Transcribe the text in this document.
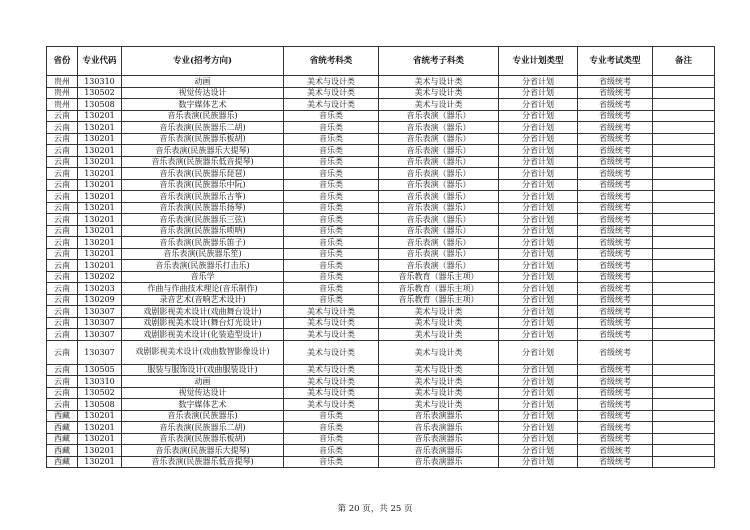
省份	专业代码	专业(招考方向)	省统考科类	省统考子科类	专业计划类型	专业考试类型	备注
贵州	130310	动画	美术与设计类	美术与设计类	分省计划	省级统考	
贵州	130502	视觉传达设计	美术与设计类	美术与设计类	分省计划	省级统考	
贵州	130508	数字媒体艺术	美术与设计类	美术与设计类	分省计划	省级统考	
云南	130201	音乐表演(民族器乐)	音乐类	音乐表演（器乐）	分省计划	省级统考	
云南	130201	音乐表演(民族器乐二胡)	音乐类	音乐表演（器乐）	分省计划	省级统考	
云南	130201	音乐表演(民族器乐板胡)	音乐类	音乐表演（器乐）	分省计划	省级统考	
云南	130201	音乐表演(民族器乐大提琴)	音乐类	音乐表演（器乐）	分省计划	省级统考	
云南	130201	音乐表演(民族器乐低音提琴)	音乐类	音乐表演（器乐）	分省计划	省级统考	
云南	130201	音乐表演(民族器乐琵琶)	音乐类	音乐表演（器乐）	分省计划	省级统考	
云南	130201	音乐表演(民族器乐中阮)	音乐类	音乐表演（器乐）	分省计划	省级统考	
云南	130201	音乐表演(民族器乐古筝)	音乐类	音乐表演（器乐）	分省计划	省级统考	
云南	130201	音乐表演(民族器乐扬琴)	音乐类	音乐表演（器乐）	分省计划	省级统考	
云南	130201	音乐表演(民族器乐三弦)	音乐类	音乐表演（器乐）	分省计划	省级统考	
云南	130201	音乐表演(民族器乐唢呐)	音乐类	音乐表演（器乐）	分省计划	省级统考	
云南	130201	音乐表演(民族器乐笛子)	音乐类	音乐表演（器乐）	分省计划	省级统考	
云南	130201	音乐表演(民族器乐笙)	音乐类	音乐表演（器乐）	分省计划	省级统考	
云南	130201	音乐表演(民族器乐打击乐)	音乐类	音乐表演（器乐）	分省计划	省级统考	
云南	130202	音乐学	音乐类	音乐教育（器乐主项）	分省计划	省级统考	
云南	130203	作曲与作曲技术理论(音乐制作)	音乐类	音乐教育（器乐主项）	分省计划	省级统考	
云南	130209	录音艺术(音响艺术设计)	音乐类	音乐教育（器乐主项）	分省计划	省级统考	
云南	130307	戏剧影视美术设计(戏曲舞台设计)	美术与设计类	美术与设计类	分省计划	省级统考	
云南	130307	戏剧影视美术设计(舞台灯光设计)	美术与设计类	美术与设计类	分省计划	省级统考	
云南	130307	戏剧影视美术设计(化装造型设计)	美术与设计类	美术与设计类	分省计划	省级统考	
云南	130307	戏剧影视美术设计(戏曲数智影像设计)	美术与设计类	美术与设计类	分省计划	省级统考	
云南	130505	服装与服饰设计(戏曲服装设计)	美术与设计类	美术与设计类	分省计划	省级统考	
云南	130310	动画	美术与设计类	美术与设计类	分省计划	省级统考	
云南	130502	视觉传达设计	美术与设计类	美术与设计类	分省计划	省级统考	
云南	130508	数字媒体艺术	美术与设计类	美术与设计类	分省计划	省级统考	
西藏	130201	音乐表演(民族器乐)	音乐类	音乐表演器乐	分省计划	省级统考	
西藏	130201	音乐表演(民族器乐二胡)	音乐类	音乐表演器乐	分省计划	省级统考	
西藏	130201	音乐表演(民族器乐板胡)	音乐类	音乐表演器乐	分省计划	省级统考	
西藏	130201	音乐表演(民族器乐大提琴)	音乐类	音乐表演器乐	分省计划	省级统考	
西藏	130201	音乐表演(民族器乐低音提琴)	音乐类	音乐表演器乐	分省计划	省级统考	
第 20 页，共 25 页
